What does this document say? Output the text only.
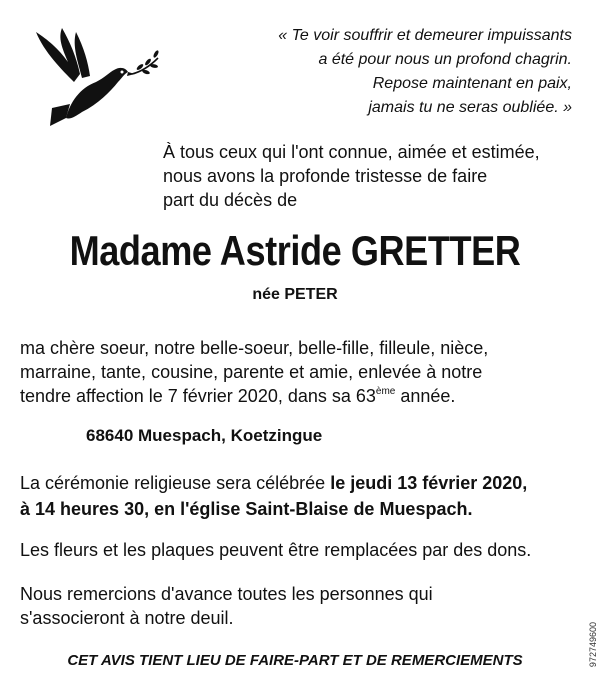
« Te voir souffrir et demeurer impuissants
a été pour nous un profond chagrin.
Repose maintenant en paix,
jamais tu ne seras oubliée. »
À tous ceux qui l'ont connue, aimée et estimée,
nous avons la profonde tristesse de faire
part du décès de
Madame Astride GRETTER
née PETER
ma chère soeur, notre belle-soeur, belle-fille, filleule, nièce,
marraine, tante, cousine, parente et amie, enlevée à notre
tendre affection le 7 février 2020, dans sa 63ème année.
68640 Muespach, Koetzingue
La cérémonie religieuse sera célébrée le jeudi 13 février 2020,
à 14 heures 30, en l'église Saint-Blaise de Muespach.
Les fleurs et les plaques peuvent être remplacées par des dons.
Nous remercions d'avance toutes les personnes qui
s'associeront à notre deuil.
CET AVIS TIENT LIEU DE FAIRE-PART ET DE REMERCIEMENTS	972749600
